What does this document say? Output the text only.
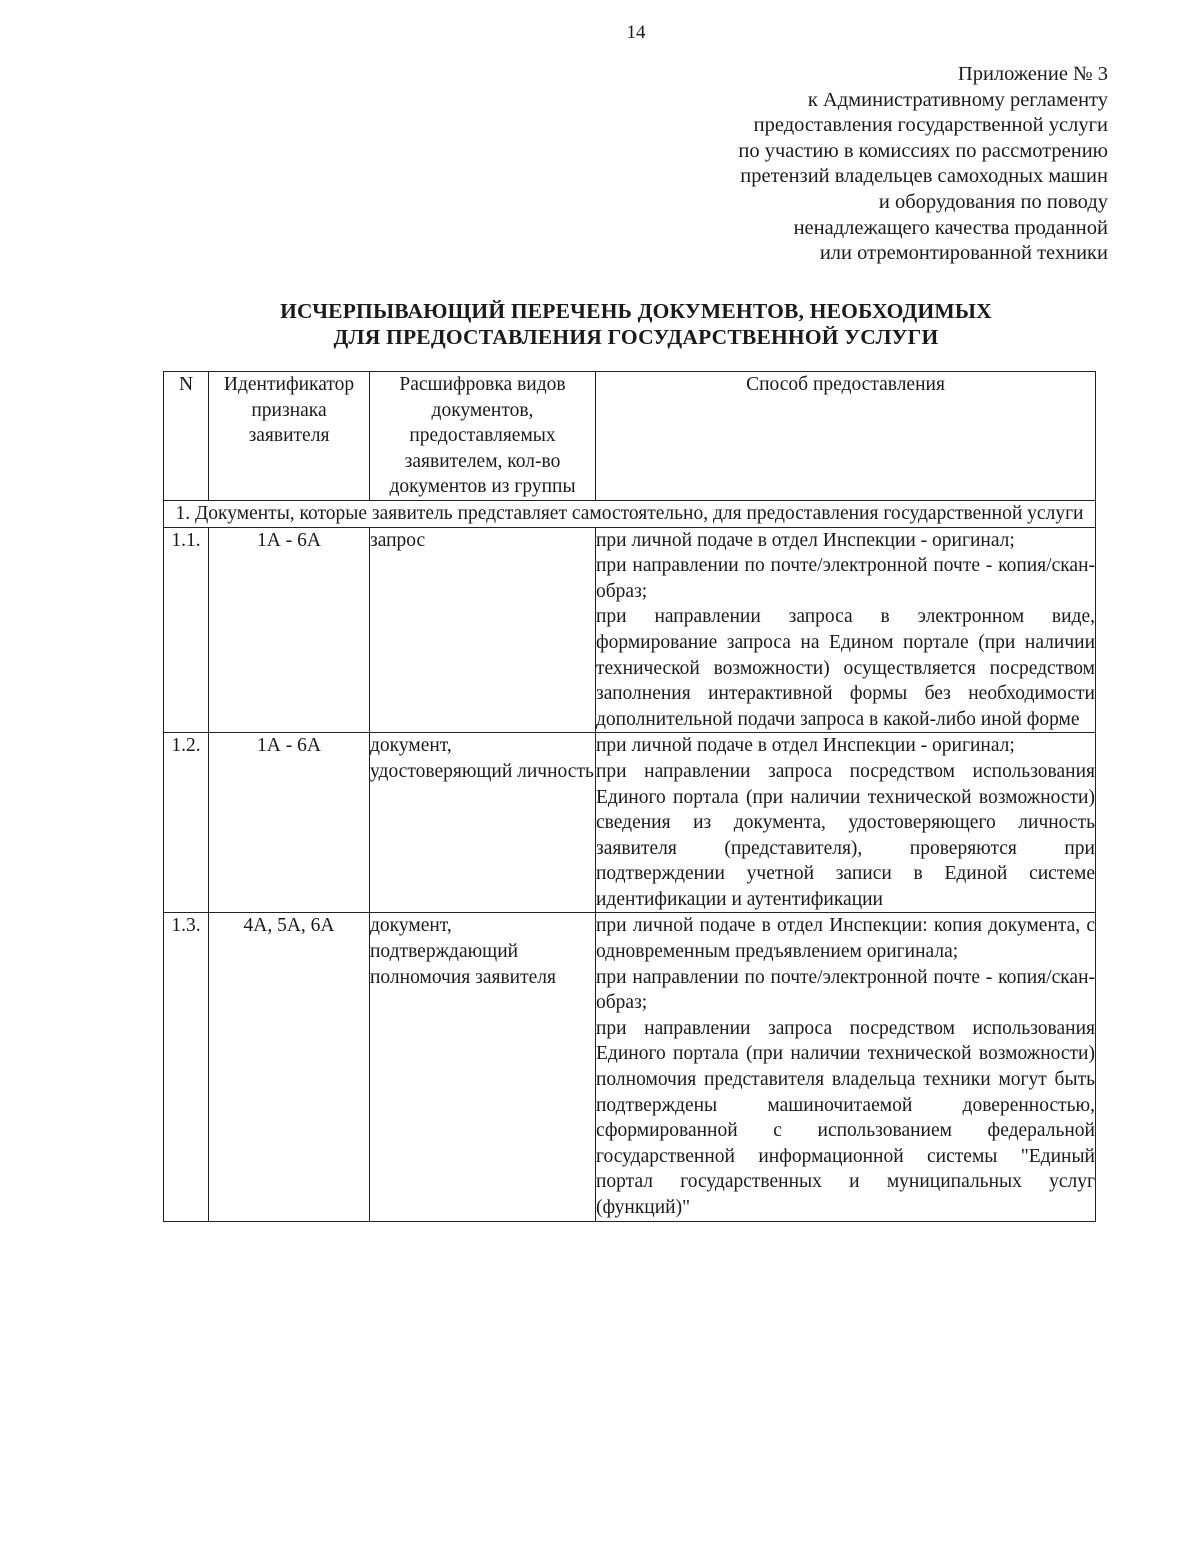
14
Приложение № 3
к Административному регламенту
предоставления государственной услуги
по участию в комиссиях по рассмотрению
претензий владельцев самоходных машин
и оборудования по поводу
ненадлежащего качества проданной
или отремонтированной техники
ИСЧЕРПЫВАЮЩИЙ ПЕРЕЧЕНЬ ДОКУМЕНТОВ, НЕОБХОДИМЫХ
ДЛЯ ПРЕДОСТАВЛЕНИЯ ГОСУДАРСТВЕННОЙ УСЛУГИ
N	Идентификатор признака заявителя	Расшифровка видов документов, предоставляемых заявителем, кол-во документов из группы	Способ предоставления
1. Документы, которые заявитель представляет самостоятельно, для предоставления государственной услуги			
1.1.	1А - 6А	запрос	при личной подаче в отдел Инспекции - оригинал;

при направлении по почте/электронной почте - копия/скан-образ;

при направлении запроса в электронном виде, формирование запроса на Едином портале (при наличии технической возможности) осуществляется посредством заполнения интерактивной формы без необходимости дополнительной подачи запроса в какой-либо иной форме

1.2.	1А - 6А	документ, удостоверяющий личность	при личной подаче в отдел Инспекции - оригинал;

при направлении запроса посредством использования Единого портала (при наличии технической возможности) сведения из документа, удостоверяющего личность заявителя (представителя), проверяются при подтверждении учетной записи в Единой системе идентификации и аутентификации

1.3.	4А, 5А, 6А	документ, подтверждающий полномочия заявителя	при личной подаче в отдел Инспекции: копия документа, с одновременным предъявлением оригинала;

при направлении по почте/электронной почте - копия/скан-образ;

при направлении запроса посредством использования Единого портала (при наличии технической возможности) полномочия представителя владельца техники могут быть подтверждены машиночитаемой доверенностью, сформированной с использованием федеральной государственной информационной системы "Единый портал государственных и муниципальных услуг (функций)"
